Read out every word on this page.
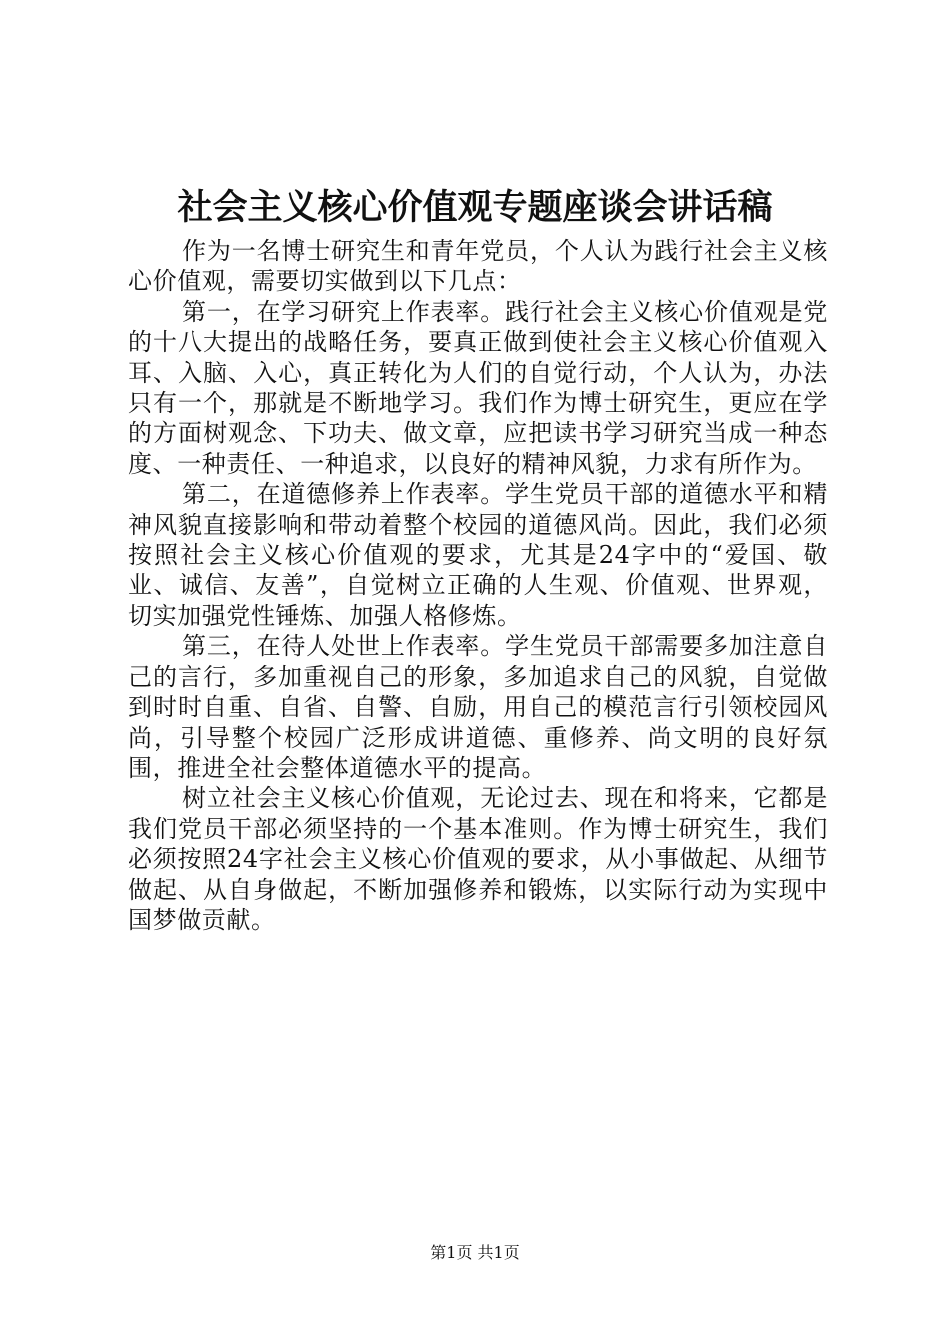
社会主义核心价值观专题座谈会讲话稿

作为一名博士研究生和青年党员，个人认为践行社会主义核心价值观，需要切实做到以下几点：

第一，在学习研究上作表率。践行社会主义核心价值观是党的十八大提出的战略任务，要真正做到使社会主义核心价值观入耳、入脑、入心，真正转化为人们的自觉行动，个人认为，办法只有一个，那就是不断地学习。我们作为博士研究生，更应在学的方面树观念、下功夫、做文章，应把读书学习研究当成一种态度、一种责任、一种追求，以良好的精神风貌，力求有所作为。

第二，在道德修养上作表率。学生党员干部的道德水平和精神风貌直接影响和带动着整个校园的道德风尚。因此，我们必须按照社会主义核心价值观的要求，尤其是24字中的“爱国、敬业、诚信、友善”，自觉树立正确的人生观、价值观、世界观，切实加强党性锤炼、加强人格修炼。

第三，在待人处世上作表率。学生党员干部需要多加注意自己的言行，多加重视自己的形象，多加追求自己的风貌，自觉做到时时自重、自省、自警、自励，用自己的模范言行引领校园风尚，引导整个校园广泛形成讲道德、重修养、尚文明的良好氛围，推进全社会整体道德水平的提高。

树立社会主义核心价值观，无论过去、现在和将来，它都是我们党员干部必须坚持的一个基本准则。作为博士研究生，我们必须按照24字社会主义核心价值观的要求，从小事做起、从细节做起、从自身做起，不断加强修养和锻炼，以实际行动为实现中国梦做贡献。

第1页 共1页
